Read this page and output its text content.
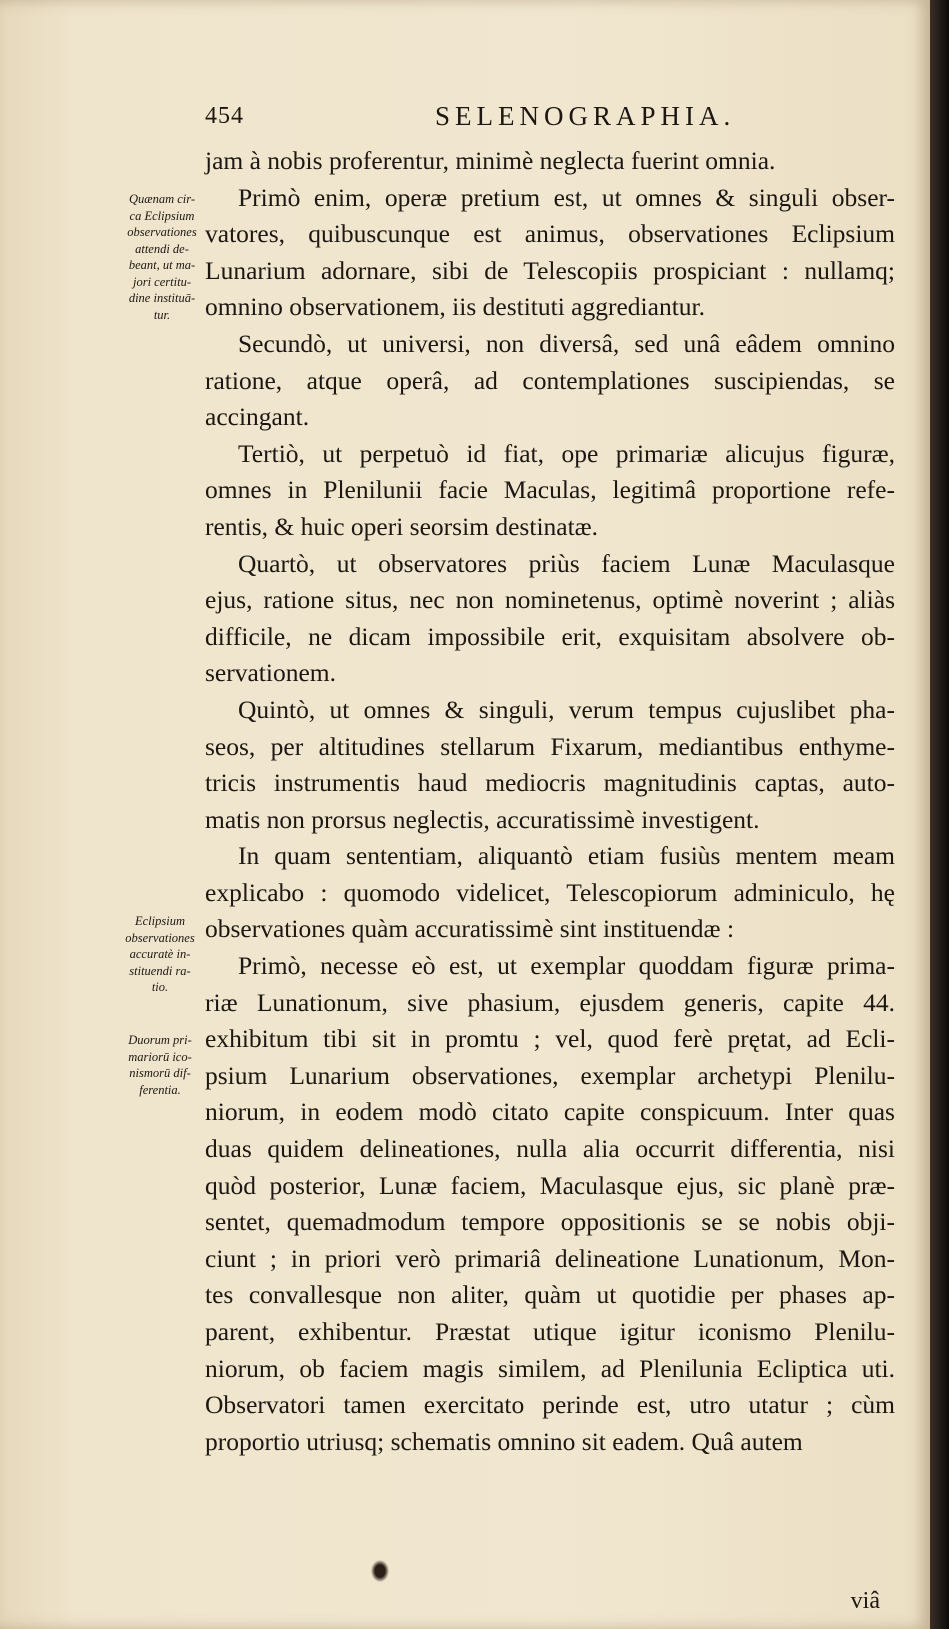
454	SELENOGRAPHIA.
Quænam cir-
ca Eclipsium
observationes
attendi de-
beant, ut ma-
jori certitu-
dine instituā-
tur.
Eclipsium
observationes
accuratè in-
stituendi ra-
tio.
Duorum pri-
mariorū ico-
nismorū dif-
ferentia.
jam à nobis proferentur, minimè neglecta fuerint omnia.
Primò enim, operæ pretium est, ut omnes & singuli obser-
vatores, quibuscunque est animus, observationes Eclipsium
Lunarium adornare, sibi de Telescopiis prospiciant : nullamq;
omnino observationem, iis destituti aggrediantur.
Secundò, ut universi, non diversâ, sed unâ eâdem omnino
ratione, atque operâ, ad contemplationes suscipiendas, se
accingant.
Tertiò, ut perpetuò id fiat, ope primariæ alicujus figuræ,
omnes in Plenilunii facie Maculas, legitimâ proportione refe-
rentis, & huic operi seorsim destinatæ.
Quartò, ut observatores priùs faciem Lunæ Maculasque
ejus, ratione situs, nec non nominetenus, optimè noverint ; aliàs
difficile, ne dicam impossibile erit, exquisitam absolvere ob-
servationem.
Quintò, ut omnes & singuli, verum tempus cujuslibet pha-
seos, per altitudines stellarum Fixarum, mediantibus enthyme-
tricis instrumentis haud mediocris magnitudinis captas, auto-
matis non prorsus neglectis, accuratissimè investigent.
In quam sententiam, aliquantò etiam fusiùs mentem meam
explicabo : quomodo videlicet, Telescopiorum adminiculo, hę
observationes quàm accuratissimè sint instituendæ :
Primò, necesse eò est, ut exemplar quoddam figuræ prima-
riæ Lunationum, sive phasium, ejusdem generis, capite 44.
exhibitum tibi sit in promtu ; vel, quod ferè prętat, ad Ecli-
psium Lunarium observationes, exemplar archetypi Plenilu-
niorum, in eodem modò citato capite conspicuum. Inter quas
duas quidem delineationes, nulla alia occurrit differentia, nisi
quòd posterior, Lunæ faciem, Maculasque ejus, sic planè præ-
sentet, quemadmodum tempore oppositionis se se nobis obji-
ciunt ; in priori verò primariâ delineatione Lunationum, Mon-
tes convallesque non aliter, quàm ut quotidie per phases ap-
parent, exhibentur. Præstat utique igitur iconismo Plenilu-
niorum, ob faciem magis similem, ad Plenilunia Ecliptica uti.
Observatori tamen exercitato perinde est, utro utatur ; cùm
proportio utriusq; schematis omnino sit eadem. Quâ autem
viâ
